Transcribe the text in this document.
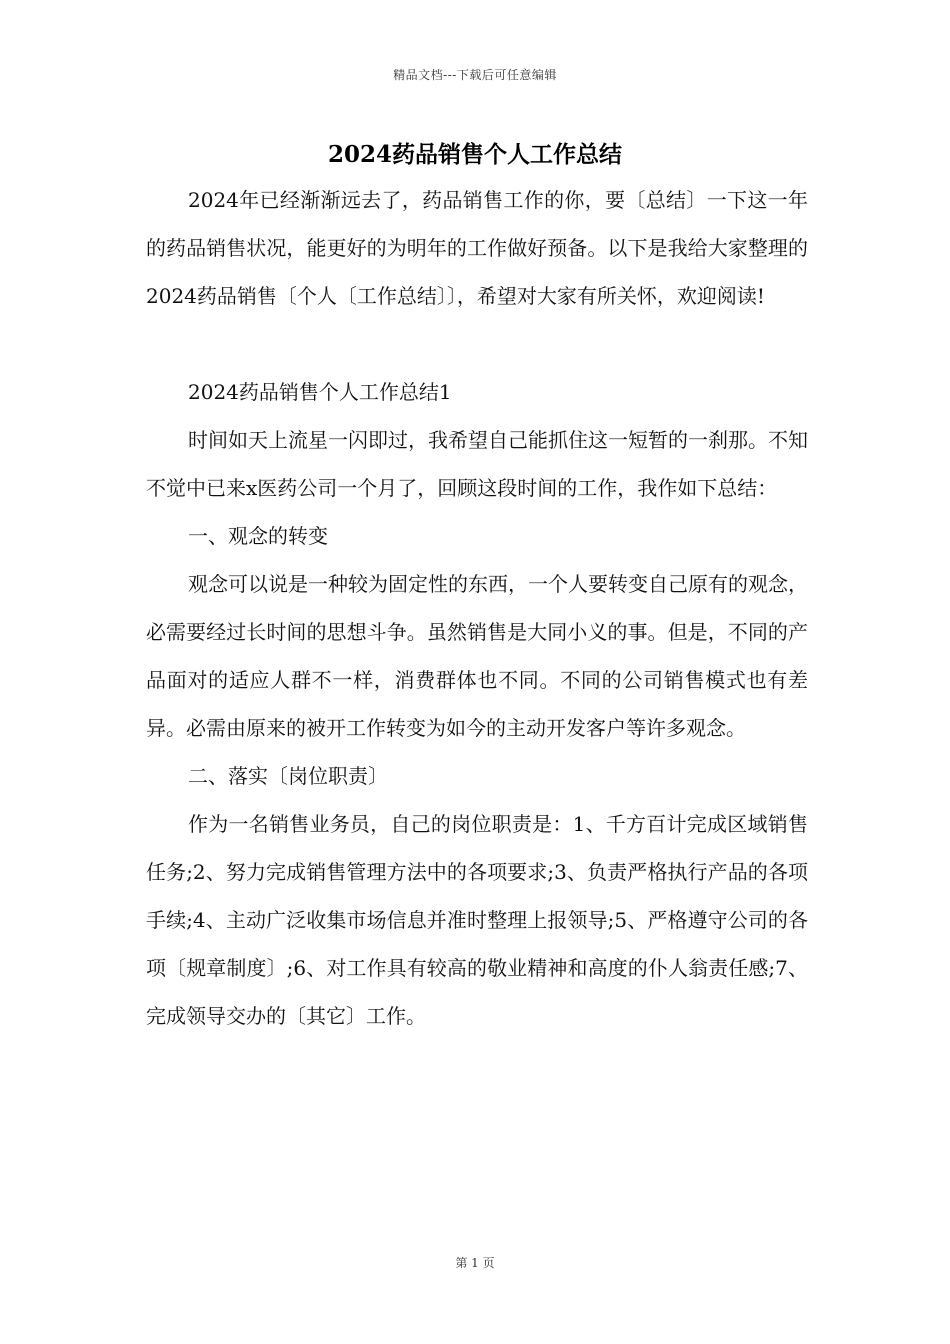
精品文档---下载后可任意编辑
2024药品销售个人工作总结

2024年已经渐渐远去了，药品销售工作的你，要〔总结〕一下这一年的药品销售状况，能更好的为明年的工作做好预备。以下是我给大家整理的2024药品销售〔个人〔工作总结〕〕，希望对大家有所关怀，欢迎阅读!

2024药品销售个人工作总结1

时间如天上流星一闪即过，我希望自己能抓住这一短暂的一刹那。不知不觉中已来x医药公司一个月了，回顾这段时间的工作，我作如下总结：

一、观念的转变

观念可以说是一种较为固定性的东西，一个人要转变自己原有的观念，必需要经过长时间的思想斗争。虽然销售是大同小义的事。但是，不同的产品面对的适应人群不一样，消费群体也不同。不同的公司销售模式也有差异。必需由原来的被开工作转变为如今的主动开发客户等许多观念。

二、落实〔岗位职责〕

作为一名销售业务员，自己的岗位职责是：1、千方百计完成区域销售任务;2、努力完成销售管理方法中的各项要求;3、负责严格执行产品的各项手续;4、主动广泛收集市场信息并准时整理上报领导;5、严格遵守公司的各项〔规章制度〕;6、对工作具有较高的敬业精神和高度的仆人翁责任感;7、完成领导交办的〔其它〕工作。

第 1 页
